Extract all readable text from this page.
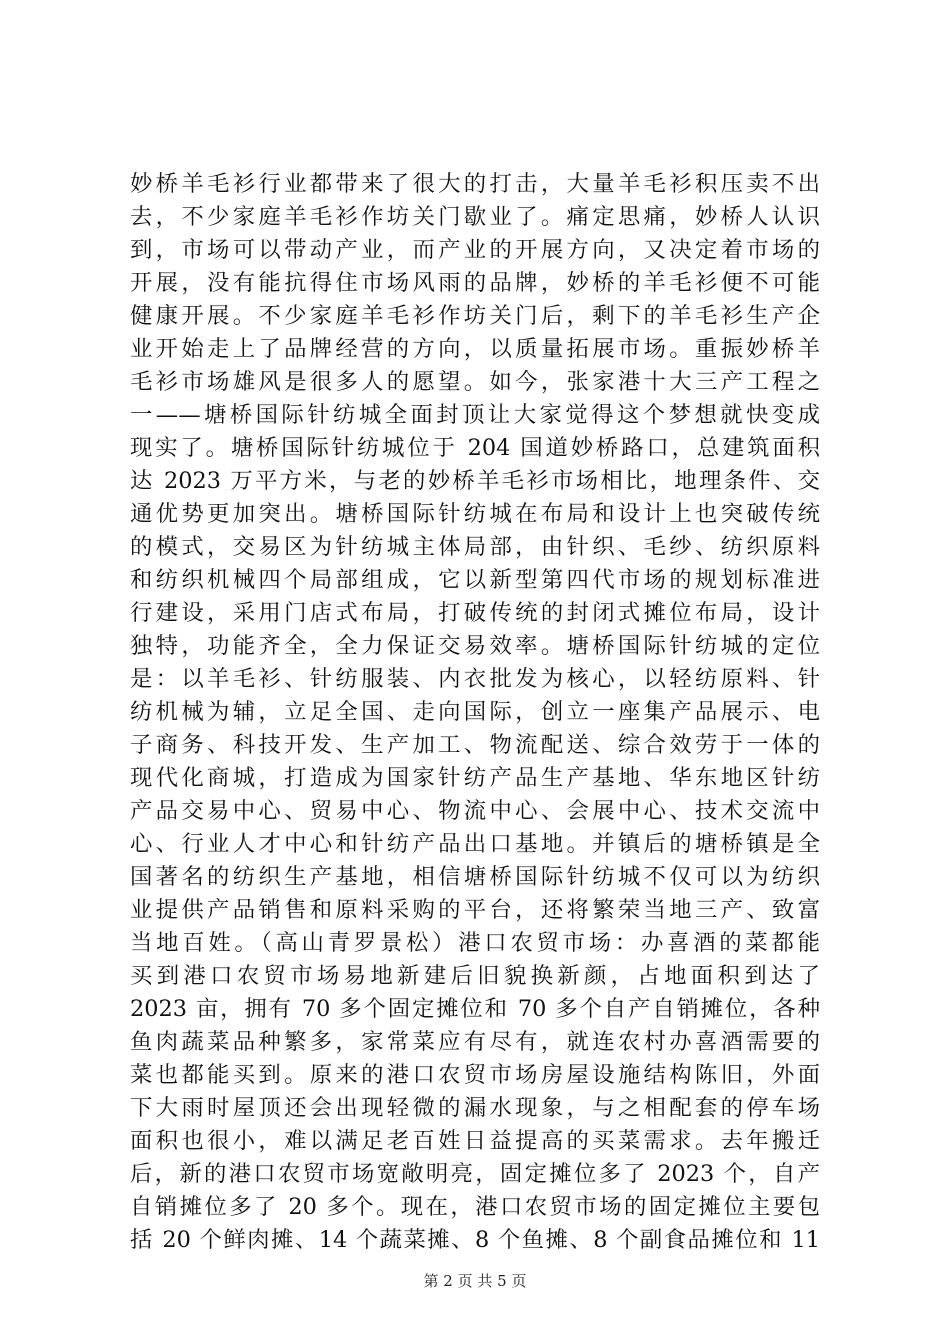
妙桥羊毛衫行业都带来了很大的打击，大量羊毛衫积压卖不出
去，不少家庭羊毛衫作坊关门歇业了。痛定思痛，妙桥人认识
到，市场可以带动产业，而产业的开展方向，又决定着市场的
开展，没有能抗得住市场风雨的品牌，妙桥的羊毛衫便不可能
健康开展。不少家庭羊毛衫作坊关门后，剩下的羊毛衫生产企
业开始走上了品牌经营的方向，以质量拓展市场。重振妙桥羊
毛衫市场雄风是很多人的愿望。如今，张家港十大三产工程之
一——塘桥国际针纺城全面封顶让大家觉得这个梦想就快变成
现实了。塘桥国际针纺城位于 204 国道妙桥路口，总建筑面积
达 2023 万平方米，与老的妙桥羊毛衫市场相比，地理条件、交
通优势更加突出。塘桥国际针纺城在布局和设计上也突破传统
的模式，交易区为针纺城主体局部，由针织、毛纱、纺织原料
和纺织机械四个局部组成，它以新型第四代市场的规划标准进
行建设，采用门店式布局，打破传统的封闭式摊位布局，设计
独特，功能齐全，全力保证交易效率。塘桥国际针纺城的定位
是：以羊毛衫、针纺服装、内衣批发为核心，以轻纺原料、针
纺机械为辅，立足全国、走向国际，创立一座集产品展示、电
子商务、科技开发、生产加工、物流配送、综合效劳于一体的
现代化商城，打造成为国家针纺产品生产基地、华东地区针纺
产品交易中心、贸易中心、物流中心、会展中心、技术交流中
心、行业人才中心和针纺产品出口基地。并镇后的塘桥镇是全
国著名的纺织生产基地，相信塘桥国际针纺城不仅可以为纺织
业提供产品销售和原料采购的平台，还将繁荣当地三产、致富
当地百姓。（高山青罗景松）港口农贸市场：办喜酒的菜都能
买到港口农贸市场易地新建后旧貌换新颜，占地面积到达了
2023 亩，拥有 70 多个固定摊位和 70 多个自产自销摊位，各种
鱼肉蔬菜品种繁多，家常菜应有尽有，就连农村办喜酒需要的
菜也都能买到。原来的港口农贸市场房屋设施结构陈旧，外面
下大雨时屋顶还会出现轻微的漏水现象，与之相配套的停车场
面积也很小，难以满足老百姓日益提高的买菜需求。去年搬迁
后，新的港口农贸市场宽敞明亮，固定摊位多了 2023 个，自产
自销摊位多了 20 多个。现在，港口农贸市场的固定摊位主要包
括 20 个鲜肉摊、14 个蔬菜摊、8 个鱼摊、8 个副食品摊位和 11
第 2 页 共 5 页
